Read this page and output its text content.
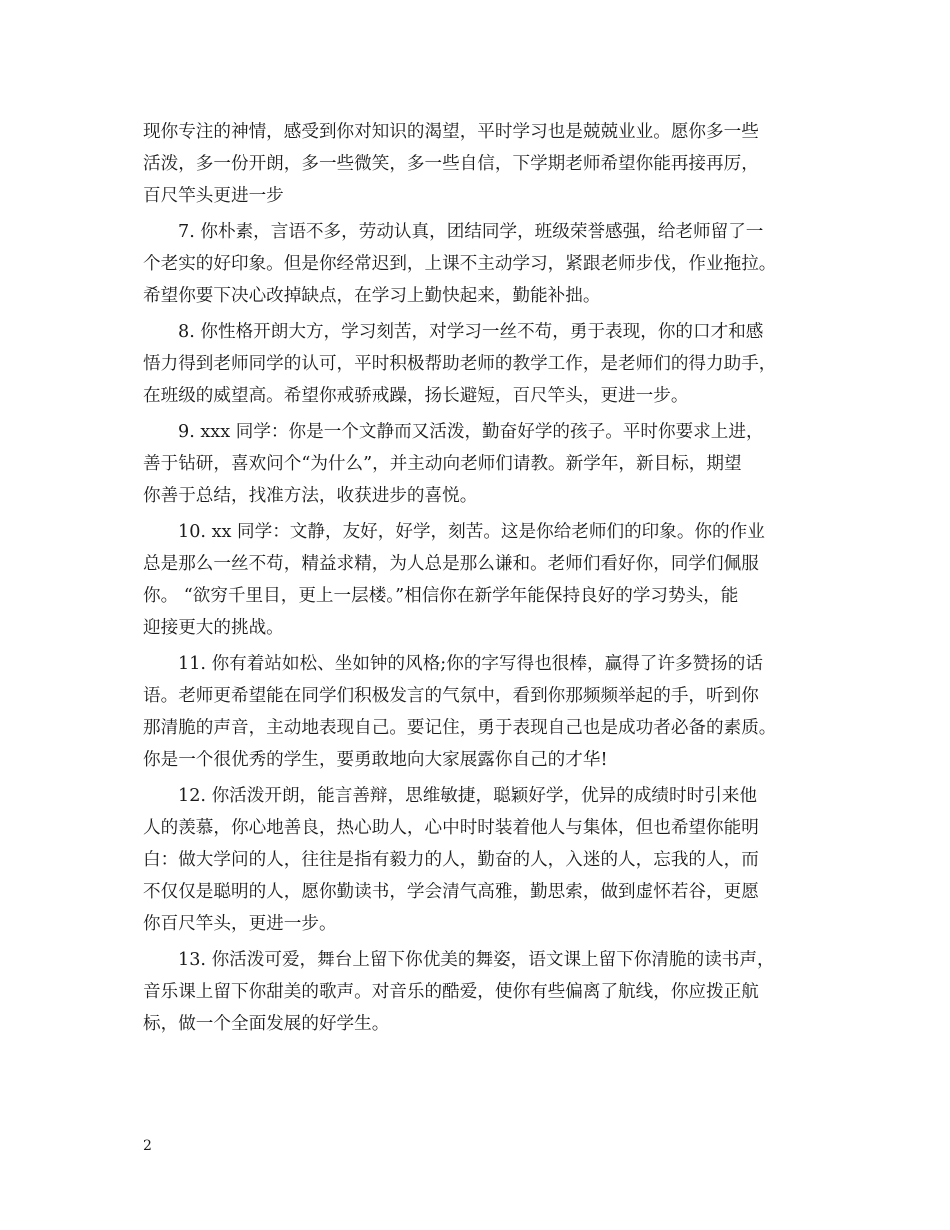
现你专注的神情，感受到你对知识的渴望，平时学习也是兢兢业业。愿你多一些
活泼，多一份开朗，多一些微笑，多一些自信，下学期老师希望你能再接再厉，
百尺竿头更进一步
7. 你朴素，言语不多，劳动认真，团结同学，班级荣誉感强，给老师留了一
个老实的好印象。但是你经常迟到，上课不主动学习，紧跟老师步伐，作业拖拉。
希望你要下决心改掉缺点，在学习上勤快起来，勤能补拙。
8. 你性格开朗大方，学习刻苦，对学习一丝不苟，勇于表现，你的口才和感
悟力得到老师同学的认可，平时积极帮助老师的教学工作，是老师们的得力助手，
在班级的威望高。希望你戒骄戒躁，扬长避短，百尺竿头，更进一步。
9. xxx 同学：你是一个文静而又活泼，勤奋好学的孩子。平时你要求上进，
善于钻研，喜欢问个“为什么”，并主动向老师们请教。新学年，新目标，期望
你善于总结，找准方法，收获进步的喜悦。
10. xx 同学：文静，友好，好学，刻苦。这是你给老师们的印象。你的作业
总是那么一丝不苟，精益求精，为人总是那么谦和。老师们看好你，同学们佩服
你。 “欲穷千里目，更上一层楼。”相信你在新学年能保持良好的学习势头，能
迎接更大的挑战。
11. 你有着站如松、坐如钟的风格;你的字写得也很棒，赢得了许多赞扬的话
语。老师更希望能在同学们积极发言的气氛中，看到你那频频举起的手，听到你
那清脆的声音，主动地表现自己。要记住，勇于表现自己也是成功者必备的素质。
你是一个很优秀的学生，要勇敢地向大家展露你自己的才华!
12. 你活泼开朗，能言善辩，思维敏捷，聪颖好学，优异的成绩时时引来他
人的羡慕，你心地善良，热心助人，心中时时装着他人与集体，但也希望你能明
白：做大学问的人，往往是指有毅力的人，勤奋的人，入迷的人，忘我的人，而
不仅仅是聪明的人，愿你勤读书，学会清气高雅，勤思索，做到虚怀若谷，更愿
你百尺竿头，更进一步。
13. 你活泼可爱，舞台上留下你优美的舞姿，语文课上留下你清脆的读书声，
音乐课上留下你甜美的歌声。对音乐的酷爱，使你有些偏离了航线，你应拨正航
标，做一个全面发展的好学生。
2
